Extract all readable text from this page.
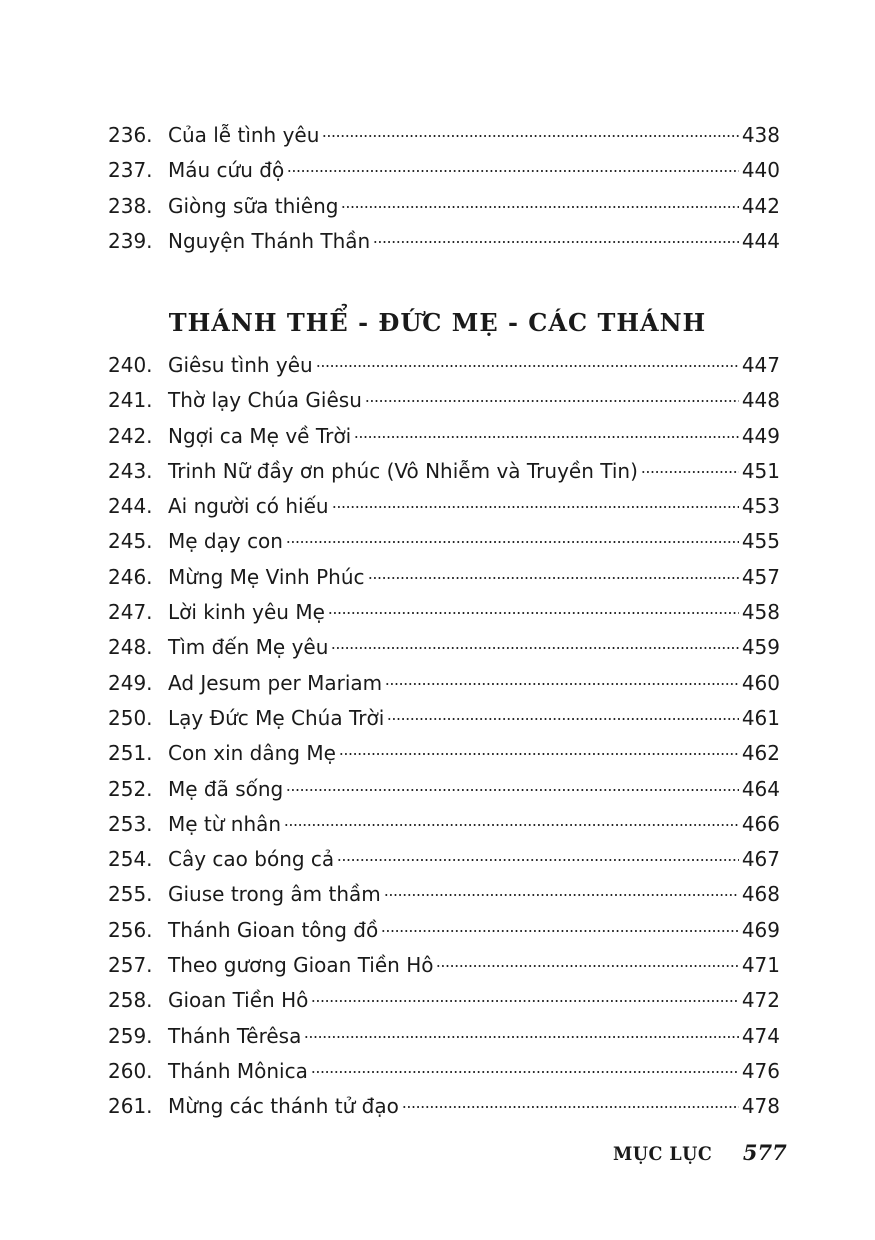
236. Của lễ tình yêu	438
237. Máu cứu độ	440
238. Giòng sữa thiêng	442
239. Nguyện Thánh Thần	444
THÁNH THỂ - ĐỨC MẸ - CÁC THÁNH
240. Giêsu tình yêu	447
241. Thờ lạy Chúa Giêsu	448
242. Ngợi ca Mẹ về Trời	449
243. Trinh Nữ đầy ơn phúc (Vô Nhiễm và Truyền Tin)	451
244. Ai người có hiếu	453
245. Mẹ dạy con	455
246. Mừng Mẹ Vinh Phúc	457
247. Lời kinh yêu Mẹ	458
248. Tìm đến Mẹ yêu	459
249. Ad Jesum per Mariam	460
250. Lạy Đức Mẹ Chúa Trời	461
251. Con xin dâng Mẹ	462
252. Mẹ đã sống	464
253. Mẹ từ nhân	466
254. Cây cao bóng cả	467
255. Giuse trong âm thầm	468
256. Thánh Gioan tông đồ	469
257. Theo gương Gioan Tiền Hô	471
258. Gioan Tiền Hô	472
259. Thánh Têrêsa	474
260. Thánh Mônica	476
261. Mừng các thánh tử đạo	478
MỤC LỤC 577
